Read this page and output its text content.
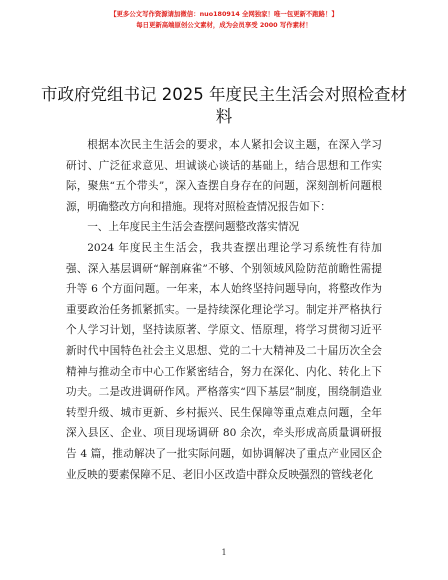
【更多公文写作资源请加微信：nuo180914 全网独家！唯一包更新不跑路！】
每日更新高端原创公文素材，成为会员享受 2000 写作素材！
市政府党组书记 2025 年度民主生活会对照检查材料

根据本次民主生活会的要求，本人紧扣会议主题，在深入学习研讨、广泛征求意见、坦诚谈心谈话的基础上，结合思想和工作实际，聚焦“五个带头”，深入查摆自身存在的问题，深刻剖析问题根源，明确整改方向和措施。现将对照检查情况报告如下：

一、上年度民主生活会查摆问题整改落实情况

2024 年度民主生活会，我共查摆出理论学习系统性有待加强、深入基层调研“解剖麻雀”不够、个别领域风险防范前瞻性需提升等 6 个方面问题。一年来，本人始终坚持问题导向，将整改作为重要政治任务抓紧抓实。一是持续深化理论学习。制定并严格执行个人学习计划，坚持读原著、学原文、悟原理，将学习贯彻习近平新时代中国特色社会主义思想、党的二十大精神及二十届历次全会精神与推动全市中心工作紧密结合，努力在深化、内化、转化上下功夫。二是改进调研作风。严格落实“四下基层”制度，围绕制造业转型升级、城市更新、乡村振兴、民生保障等重点难点问题，全年深入县区、企业、项目现场调研 80 余次，牵头形成高质量调研报告 4 篇，推动解决了一批实际问题，如协调解决了重点产业园区企业反映的要素保障不足、老旧小区改造中群众反映强烈的管线老化

1
